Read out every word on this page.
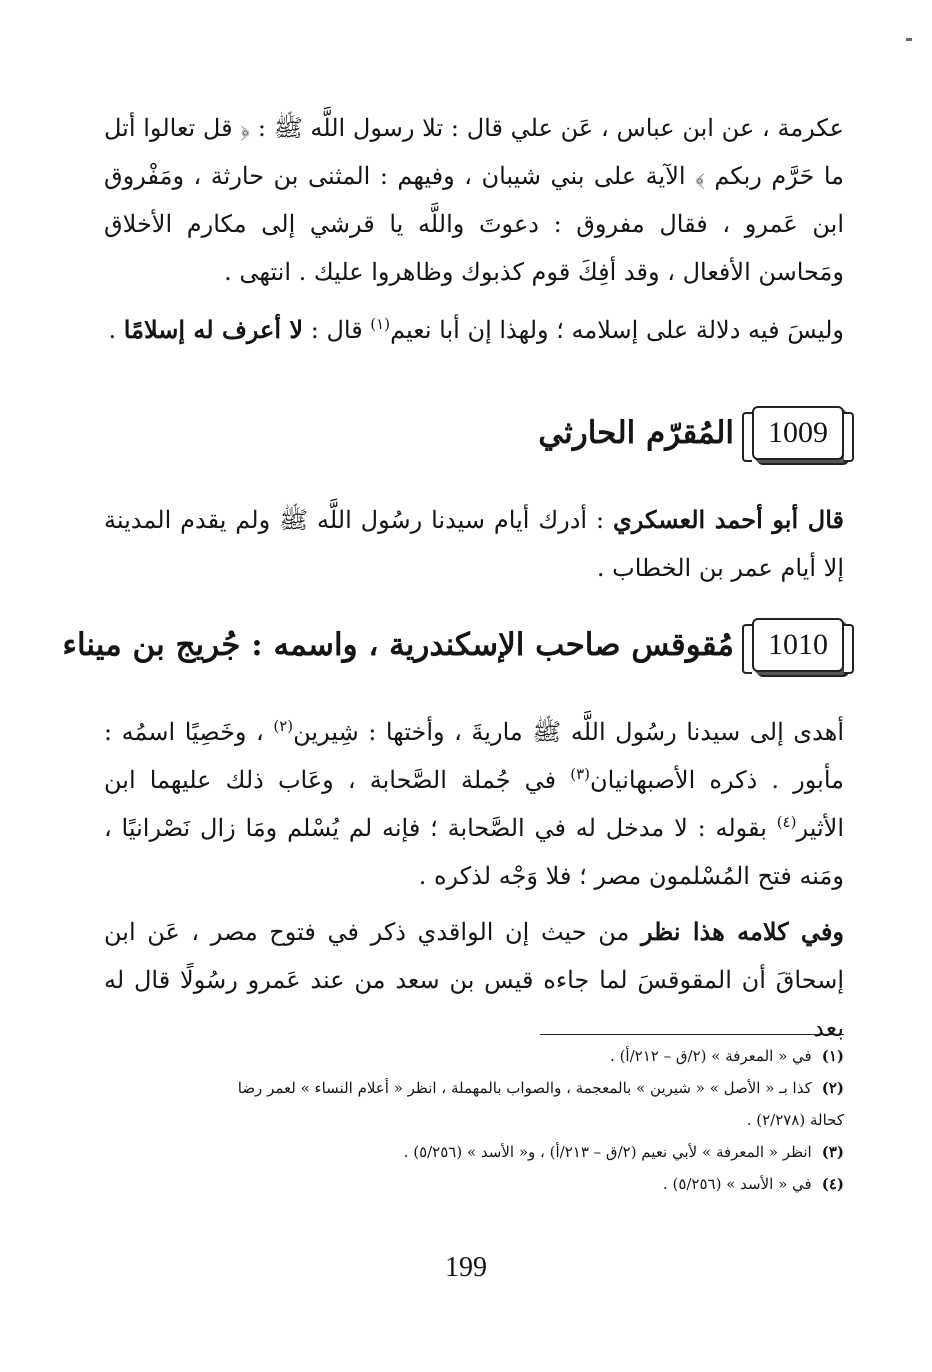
عكرمة ، عن ابن عباس ، عَن علي قال : تلا رسول اللَّه ﷺ : ﴿ قل تعالوا أتل ما حَرَّم ربكم ﴾ الآية على بني شيبان ، وفيهم : المثنى بن حارثة ، ومَفْروق ابن عَمرو ، فقال مفروق : دعوتَ واللَّه يا قرشي إلى مكارم الأخلاق ومَحاسن الأفعال ، وقد أفِكَ قوم كذبوك وظاهروا عليك . انتهى .

وليسَ فيه دلالة على إسلامه ؛ ولهذا إن أبا نعيم$^{(١)}$ قال : لا أعرف له إسلامًا .

1009
المُقرّم الحارثي

قال أبو أحمد العسكري : أدرك أيام سيدنا رسُول اللَّه ﷺ ولم يقدم المدينة إلا أيام عمر بن الخطاب .

1010
مُقوقس صاحب الإسكندرية ، واسمه : جُريج بن ميناء

أهدى إلى سيدنا رسُول اللَّه ﷺ ماريةَ ، وأختها : شِيرين$^{(٢)}$ ، وخَصِيًا اسمُه : مأبور . ذكره الأصبهانيان$^{(٣)}$ في جُملة الصَّحابة ، وعَاب ذلك عليهما ابن الأثير$^{(٤)}$ بقوله : لا مدخل له في الصَّحابة ؛ فإنه لم يُسْلم ومَا زال نَصْرانيًا ، ومَنه فتح المُسْلمون مصر ؛ فلا وَجْه لذكره .

وفي كلامه هذا نظر من حيث إن الواقدي ذكر في فتوح مصر ، عَن ابن إسحاقَ أن المقوقسَ لما جاءه قيس بن سعد من عند عَمرو رسُولًا قال له بعد

(١)في « المعرفة » (٢/ق – ٢١٢/أ) .

(٢)كذا بـ « الأصل » « شيرين » بالمعجمة ، والصواب بالمهملة ، انظر « أعلام النساء » لعمر رضا

كحالة (٢/٢٧٨) .

(٣)انظر « المعرفة » لأبي نعيم (٢/ق – ٢١٣/أ) ، و« الأسد » (٥/٢٥٦) .

(٤)في « الأسد » (٥/٢٥٦) .

199
